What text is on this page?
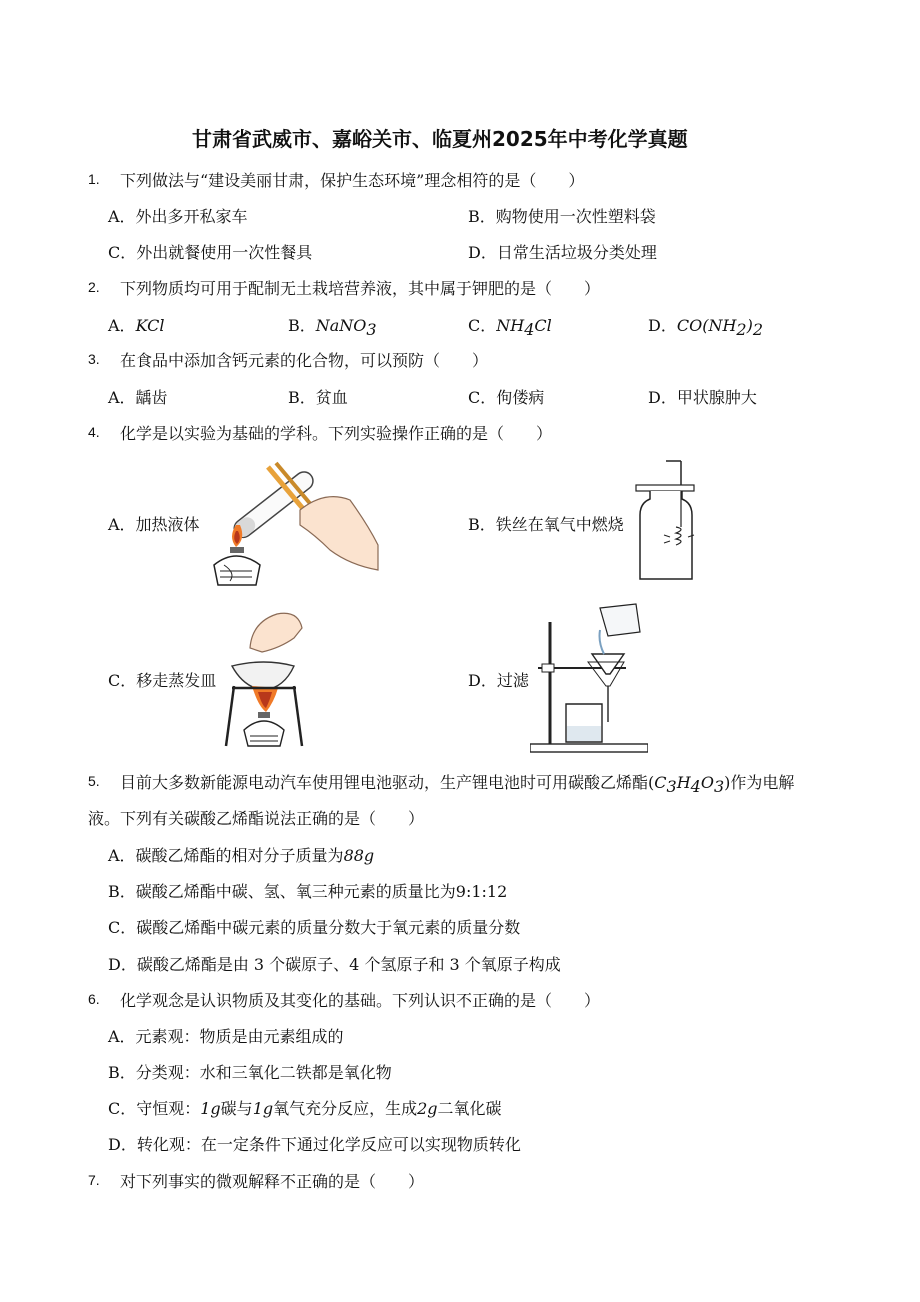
甘肃省武威市、嘉峪关市、临夏州2025年中考化学真题
1. 下列做法与“建设美丽甘肃，保护生态环境”理念相符的是（　　）
A．外出多开私家车	B．购物使用一次性塑料袋
C．外出就餐使用一次性餐具	D．日常生活垃圾分类处理
2. 下列物质均可用于配制无土栽培营养液，其中属于钾肥的是（　　）
A．KCl	B．NaNO$_3$	C．$NH_4Cl$	D．$CO(NH_2)_2$
3. 在食品中添加含钙元素的化合物，可以预防（　　）
A．龋齿	B．贫血	C．佝偻病	D．甲状腺肿大
4. 化学是以实验为基础的学科。下列实验操作正确的是（　　）
A．加热液体	B．铁丝在氧气中燃烧
C．移走蒸发皿	D．过滤
5. 目前大多数新能源电动汽车使用锂电池驱动，生产锂电池时可用碳酸乙烯酯$(C_3H_4O_3)$作为电解
液。下列有关碳酸乙烯酯说法正确的是（　　）
A．碳酸乙烯酯的相对分子质量为88g
B．碳酸乙烯酯中碳、氢、氧三种元素的质量比为9:1:12
C．碳酸乙烯酯中碳元素的质量分数大于氧元素的质量分数
D．碳酸乙烯酯是由 3 个碳原子、4 个氢原子和 3 个氧原子构成
6. 化学观念是认识物质及其变化的基础。下列认识不正确的是（　　）
A．元素观：物质是由元素组成的
B．分类观：水和三氧化二铁都是氧化物
C．守恒观：1g碳与1g氧气充分反应，生成2g二氧化碳
D．转化观：在一定条件下通过化学反应可以实现物质转化
7. 对下列事实的微观解释不正确的是（　　）
